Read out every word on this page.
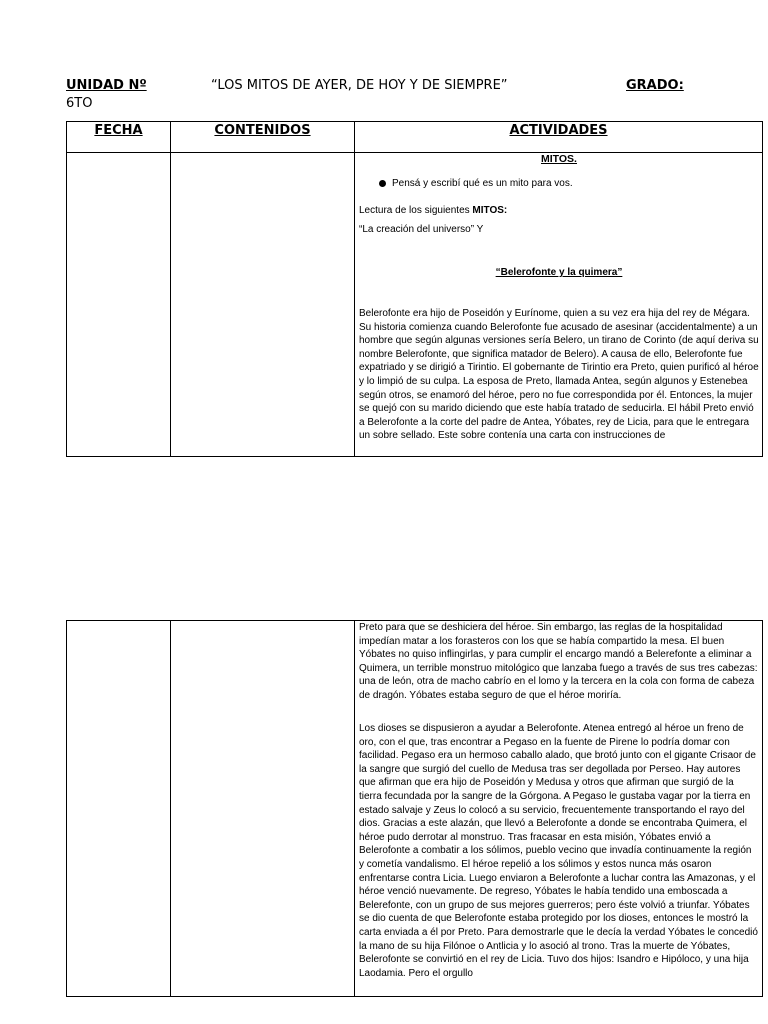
UNIDAD Nº	“LOS MITOS DE AYER, DE HOY Y DE SIEMPRE”	GRADO:
6TO
FECHA	CONTENIDOS	ACTIVIDADES
MITOS.
Pensá y escribí qué es un mito para vos.
Lectura de los siguientes MITOS:
“La creación del universo” Y
“Belerofonte y la quimera”

Belerofonte era hijo de Poseidón y Eurínome, quien a su vez era hija del rey de Mégara. Su historia comienza cuando Belerofonte fue acusado de asesinar (accidentalmente) a un hombre que según algunas versiones sería Belero, un tirano de Corinto (de aquí deriva su nombre Belerofonte, que significa matador de Belero). A causa de ello, Belerofonte fue expatriado y se dirigió a Tirintio. El gobernante de Tirintio era Preto, quien purificó al héroe y lo limpió de su culpa. La esposa de Preto, llamada Antea, según algunos y Estenebea según otros, se enamoró del héroe, pero no fue correspondida por él. Entonces, la mujer se quejó con su marido diciendo que este había tratado de seducirla. El hábil Preto envió a Belerofonte a la corte del padre de Antea, Yóbates, rey de Licia, para que le entregara un sobre sellado. Este sobre contenía una carta con instrucciones de

Preto para que se deshiciera del héroe. Sin embargo, las reglas de la hospitalidad impedían matar a los forasteros con los que se había compartido la mesa. El buen Yóbates no quiso inflingirlas, y para cumplir el encargo mandó a Belerefonte a eliminar a Quimera, un terrible monstruo mitológico que lanzaba fuego a través de sus tres cabezas: una de león, otra de macho cabrío en el lomo y la tercera en la cola con forma de cabeza de dragón. Yóbates estaba seguro de que el héroe moriría.

Los dioses se dispusieron a ayudar a Belerofonte. Atenea entregó al héroe un freno de oro, con el que, tras encontrar a Pegaso en la fuente de Pirene lo podría domar con facilidad. Pegaso era un hermoso caballo alado, que brotó junto con el gigante Crisaor de la sangre que surgió del cuello de Medusa tras ser degollada por Perseo. Hay autores que afirman que era hijo de Poseidón y Medusa y otros que afirman que surgió de la tierra fecundada por la sangre de la Górgona. A Pegaso le gustaba vagar por la tierra en estado salvaje y Zeus lo colocó a su servicio, frecuentemente transportando el rayo del dios. Gracias a este alazán, que llevó a Belerofonte a donde se encontraba Quimera, el héroe pudo derrotar al monstruo. Tras fracasar en esta misión, Yóbates envió a Belerofonte a combatir a los sólimos, pueblo vecino que invadía continuamente la región y cometía vandalismo. El héroe repelió a los sólimos y estos nunca más osaron enfrentarse contra Licia. Luego enviaron a Belerofonte a luchar contra las Amazonas, y el héroe venció nuevamente. De regreso, Yóbates le había tendido una emboscada a Belerefonte, con un grupo de sus mejores guerreros; pero éste volvió a triunfar. Yóbates se dio cuenta de que Belerofonte estaba protegido por los dioses, entonces le mostró la carta enviada a él por Preto. Para demostrarle que le decía la verdad Yóbates le concedió la mano de su hija Filónoe o Antlicia y lo asoció al trono. Tras la muerte de Yóbates, Belerofonte se convirtió en el rey de Licia. Tuvo dos hijos: Isandro e Hipóloco, y una hija Laodamia. Pero el orgullo
